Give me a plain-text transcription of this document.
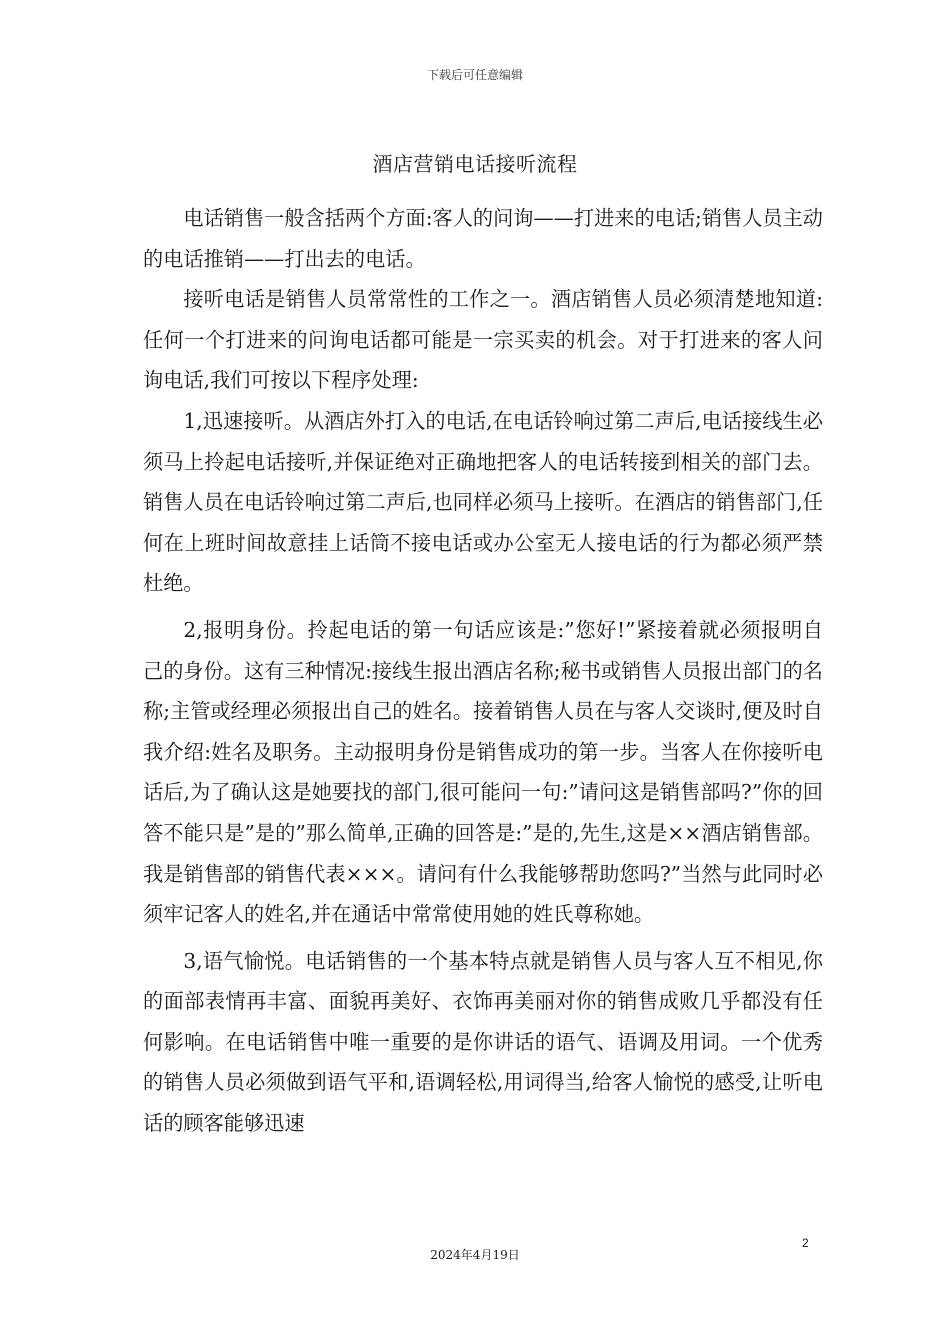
下载后可任意编辑
酒店营销电话接听流程

电话销售一般含括两个方面:客人的问询——打进来的电话;销售人员主动的电话推销——打出去的电话。

接听电话是销售人员常常性的工作之一。酒店销售人员必须清楚地知道:任何一个打进来的问询电话都可能是一宗买卖的机会。对于打进来的客人问询电话,我们可按以下程序处理:

1,迅速接听。从酒店外打入的电话,在电话铃响过第二声后,电话接线生必须马上拎起电话接听,并保证绝对正确地把客人的电话转接到相关的部门去。销售人员在电话铃响过第二声后,也同样必须马上接听。在酒店的销售部门,任何在上班时间故意挂上话筒不接电话或办公室无人接电话的行为都必须严禁杜绝。

2,报明身份。拎起电话的第一句话应该是:”您好!”紧接着就必须报明自己的身份。这有三种情况:接线生报出酒店名称;秘书或销售人员报出部门的名称;主管或经理必须报出自己的姓名。接着销售人员在与客人交谈时,便及时自我介绍:姓名及职务。主动报明身份是销售成功的第一步。当客人在你接听电话后,为了确认这是她要找的部门,很可能问一句:”请问这是销售部吗?”你的回答不能只是”是的”那么简单,正确的回答是:”是的,先生,这是××酒店销售部。我是销售部的销售代表×××。请问有什么我能够帮助您吗?”当然与此同时必须牢记客人的姓名,并在通话中常常使用她的姓氏尊称她。

3,语气愉悦。电话销售的一个基本特点就是销售人员与客人互不相见,你的面部表情再丰富、面貌再美好、衣饰再美丽对你的销售成败几乎都没有任何影响。在电话销售中唯一重要的是你讲话的语气、语调及用词。一个优秀的销售人员必须做到语气平和,语调轻松,用词得当,给客人愉悦的感受,让听电话的顾客能够迅速

2
2024年4月19日
